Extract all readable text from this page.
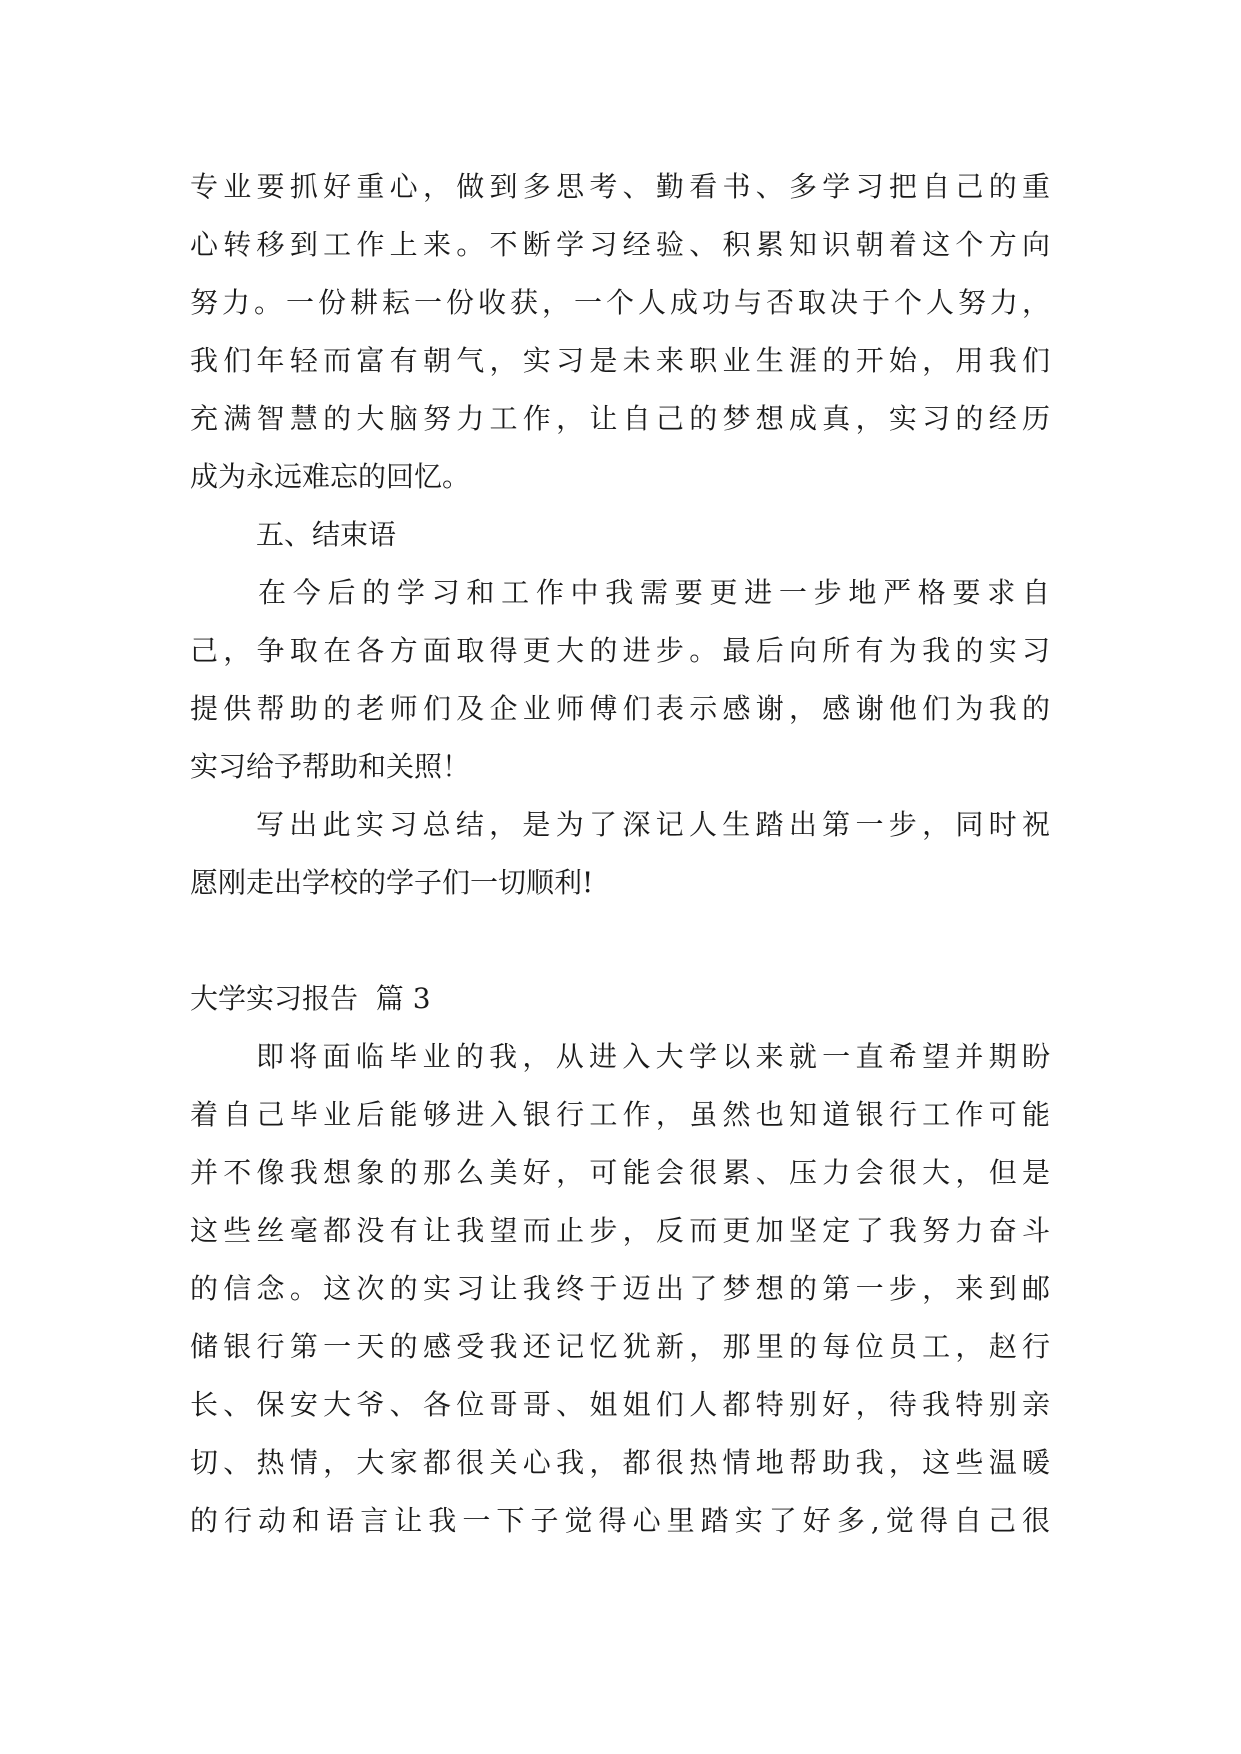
专业要抓好重心，做到多思考、勤看书、多学习把自己的重
心转移到工作上来。不断学习经验、积累知识朝着这个方向
努力。一份耕耘一份收获，一个人成功与否取决于个人努力，
我们年轻而富有朝气，实习是未来职业生涯的开始，用我们
充满智慧的大脑努力工作，让自己的梦想成真，实习的经历
成为永远难忘的回忆。
五、结束语
在今后的学习和工作中我需要更进一步地严格要求自
己，争取在各方面取得更大的进步。最后向所有为我的实习
提供帮助的老师们及企业师傅们表示感谢，感谢他们为我的
实习给予帮助和关照！
写出此实习总结，是为了深记人生踏出第一步，同时祝
愿刚走出学校的学子们一切顺利!
大学实习报告  篇 3
即将面临毕业的我，从进入大学以来就一直希望并期盼
着自己毕业后能够进入银行工作，虽然也知道银行工作可能
并不像我想象的那么美好，可能会很累、压力会很大，但是
这些丝毫都没有让我望而止步，反而更加坚定了我努力奋斗
的信念。这次的实习让我终于迈出了梦想的第一步，来到邮
储银行第一天的感受我还记忆犹新，那里的每位员工，赵行
长、保安大爷、各位哥哥、姐姐们人都特别好，待我特别亲
切、热情，大家都很关心我，都很热情地帮助我，这些温暖
的行动和语言让我一下子觉得心里踏实了好多,觉得自己很
